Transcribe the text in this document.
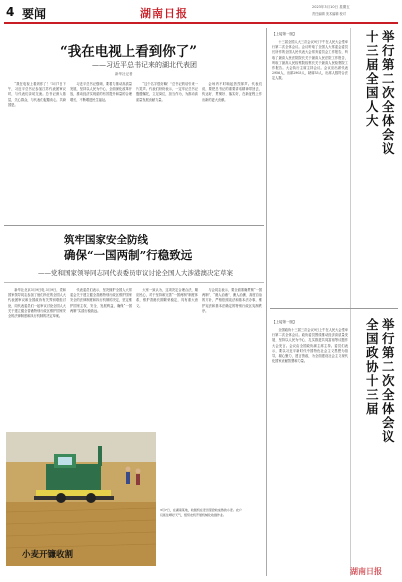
4 要闻	湖南日报	2023年3月10日 星期五
责任编辑 美术编辑 校对
“我在电视上看到你了”
——习近平总书记来的湖北代表团
新华社记者

“我在电视上看到你了！”3月7日下午，习近平总书记参加江苏代表团审议时，与代表们亲切交流。总书记深入基层，关心群众，与代表们促膝谈心，共商国是。

习近平总书记强调，要着力推动高质量发展，坚持以人民为中心，全面深化改革开放，推动经济实现质的有效提升和量的合理增长，不断增进民生福祉。

“这个名字很好嘛！”总书记的话引来一片笑声。代表们纷纷表示，一定牢记总书记殷殷嘱托，立足岗位，担当作为，为推动高质量发展贡献力量。

会场内不时响起热烈掌声。代表们说，要把总书记的重要讲话精神带回去，传达好、贯彻好、落实好，在新征程上作出新的更大贡献。

筑牢国家安全防线
确保“一国两制”行稳致远
——党和国家领导同志同代表委员审议讨论全国人大涉港澳决定草案

新华社北京3月9日电 3月9日，党和国家领导同志参加了他们所在的全国人大代表团审议和全国政协有关界别联组讨论，同代表委员们一起审议讨论全国人大关于建立健全香港特别行政区维护国家安全的法律制度和执行机制的决定草案。

代表委员们表示，坚决拥护全国人大常委会关于建立健全香港特别行政区维护国家安全的法律制度和执行机制的决定，坚定维护国家主权、安全、发展利益，确保“一国两制”实践行稳致远。

大家一致认为，这项决定合理合法，顺应民心，对于坚持和完善“一国两制”制度体系，维护香港长期繁荣稳定，具有重大意义。

与会同志表示，要全面准确贯彻“一国两制”、“港人治港”、澳人治澳、高度自治的方针，严格依照宪法和基本法办事，维护宪法和基本法确定的特别行政区宪制秩序。

小麦开镰收割
3月7日，在湖南某地，收割机在麦田里抢收成熟的小麦。农户们抓住晴好天气，组织农机开展机械化收割作业。
【上接第一版】

十三届全国人大三次会议9日下午在人民大会堂举行第二次全体会议。会议听取了全国人大常委会委员长所作的全国人民代表大会常务委员会工作报告，听取了最高人民法院院长关于最高人民法院工作报告，听取了最高人民检察院检察长关于最高人民检察院工作报告。大会执行主席主持会议。会议应出席代表2956人，出席2903人，缺席53人，出席人数符合法定人数。

十三届全国人大
举行第二次全体会议
【上接第一版】

全国政协十三届三次会议9日上午在人民大会堂举行第二次全体会议。政协委员围绕推动经济高质量发展、坚持以人民为中心、扎实推进共同富裕等议题作大会发言。会议由全国政协副主席主持。委员们表示，要以习近平新时代中国特色社会主义思想为指导，凝心聚力，建言资政，为全面建设社会主义现代化国家贡献智慧和力量。

全国政协十三届
举行第二次全体会议
湖南日报
